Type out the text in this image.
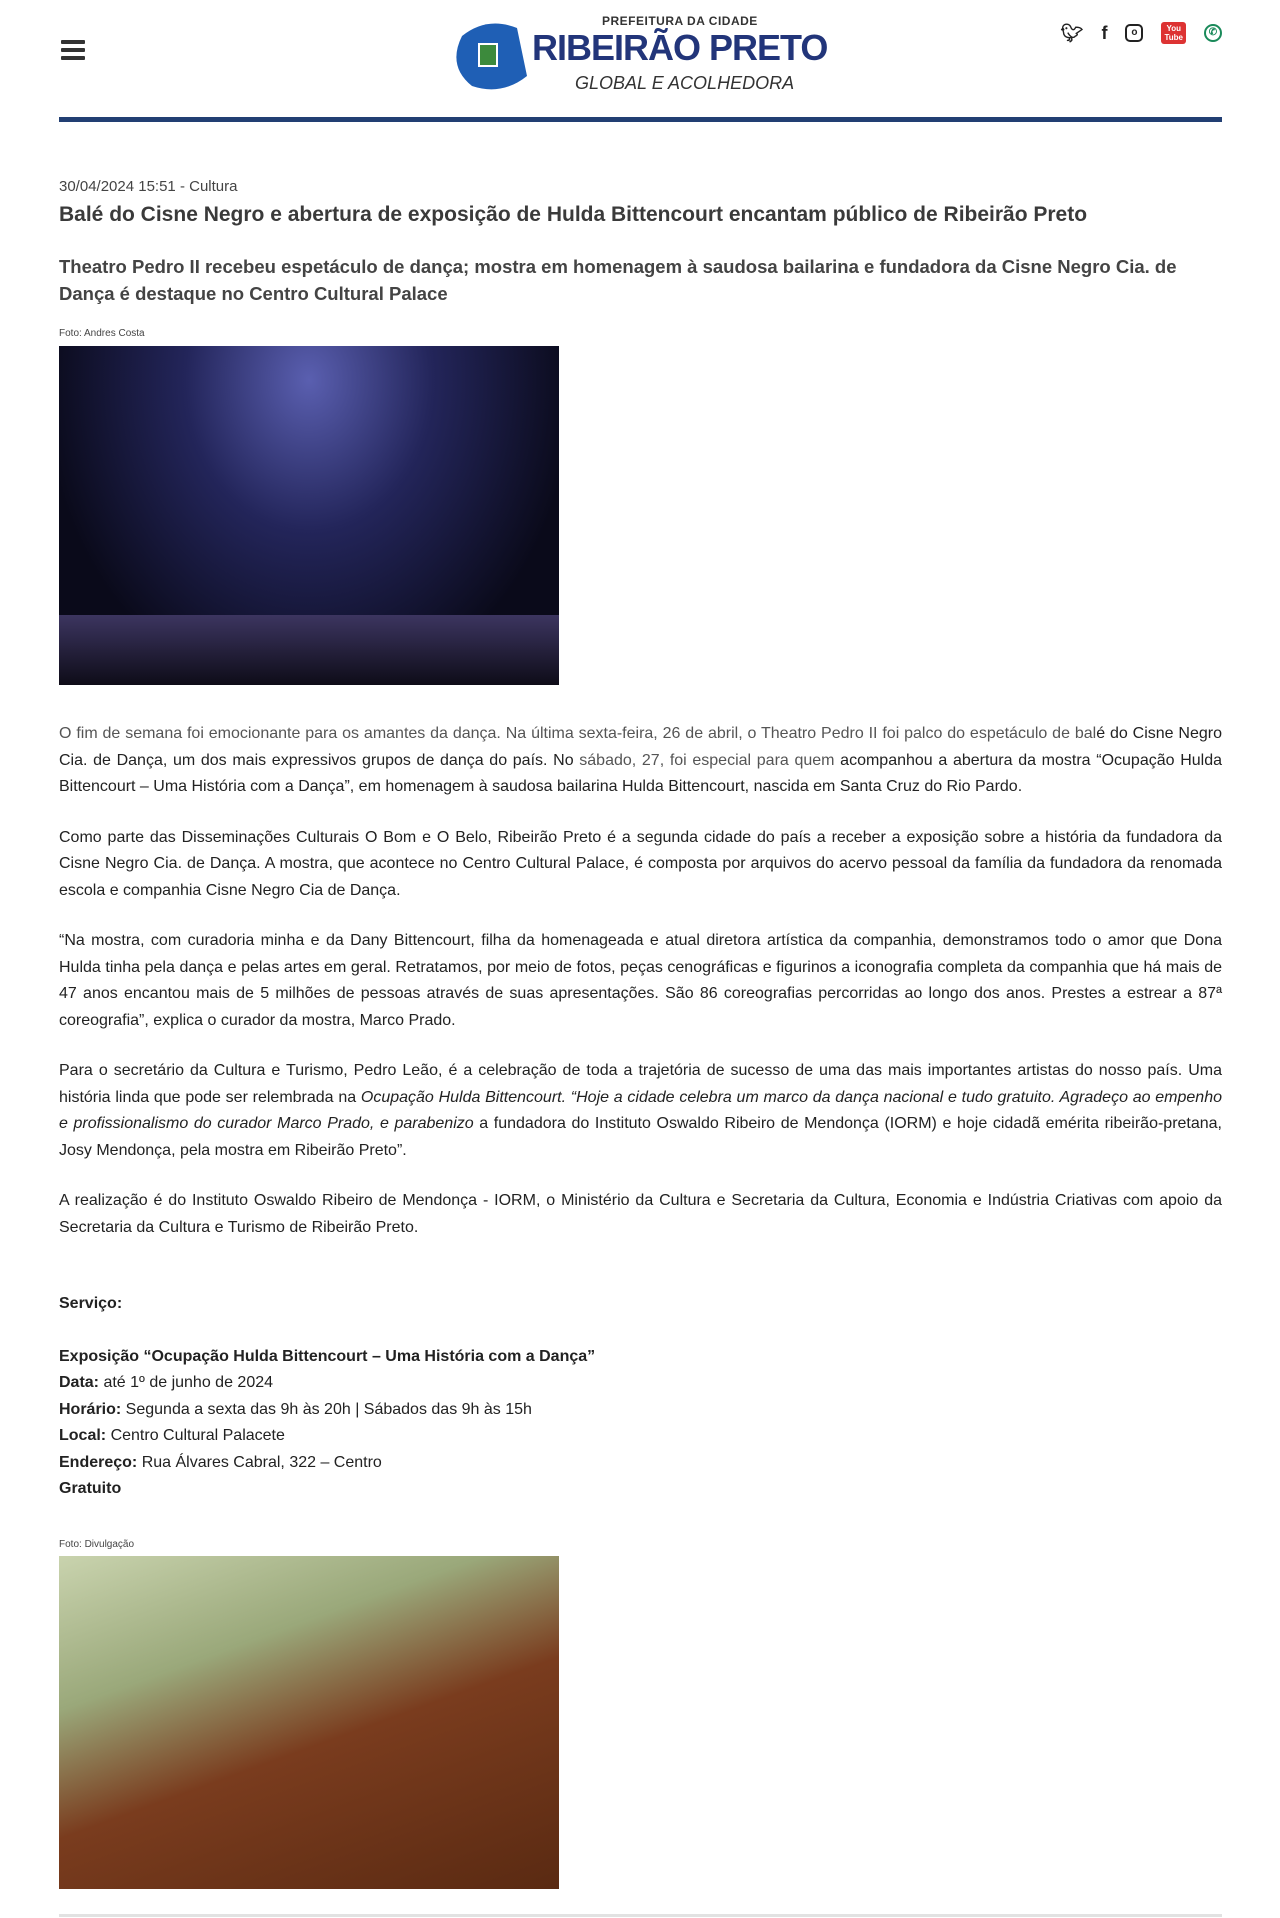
PREFEITURA DA CIDADE
RIBEIRÃO PRETO
GLOBAL E ACOLHEDORA
🐦︎ f	o	You
Tube	✆
30/04/2024 15:51 - Cultura
Balé do Cisne Negro e abertura de exposição de Hulda Bittencourt encantam público de Ribeirão Preto
Theatro Pedro II recebeu espetáculo de dança; mostra em homenagem à saudosa bailarina e fundadora da Cisne Negro Cia. de Dança é destaque no Centro Cultural Palace
Foto: Andres Costa

O fim de semana foi emocionante para os amantes da dança. Na última sexta-feira, 26 de abril, o Theatro Pedro II foi palco do espetáculo de balé do Cisne Negro Cia. de Dança, um dos mais expressivos grupos de dança do país. No sábado, 27, foi especial para quem acompanhou a abertura da mostra “Ocupação Hulda Bittencourt – Uma História com a Dança”, em homenagem à saudosa bailarina Hulda Bittencourt, nascida em Santa Cruz do Rio Pardo.

Como parte das Disseminações Culturais O Bom e O Belo, Ribeirão Preto é a segunda cidade do país a receber a exposição sobre a história da fundadora da Cisne Negro Cia. de Dança. A mostra, que acontece no Centro Cultural Palace, é composta por arquivos do acervo pessoal da família da fundadora da renomada escola e companhia Cisne Negro Cia de Dança.

“Na mostra, com curadoria minha e da Dany Bittencourt, filha da homenageada e atual diretora artística da companhia, demonstramos todo o amor que Dona Hulda tinha pela dança e pelas artes em geral. Retratamos, por meio de fotos, peças cenográficas e figurinos a iconografia completa da companhia que há mais de 47 anos encantou mais de 5 milhões de pessoas através de suas apresentações. São 86 coreografias percorridas ao longo dos anos. Prestes a estrear a 87ª coreografia”, explica o curador da mostra, Marco Prado.

Para o secretário da Cultura e Turismo, Pedro Leão, é a celebração de toda a trajetória de sucesso de uma das mais importantes artistas do nosso país. Uma história linda que pode ser relembrada na Ocupação Hulda Bittencourt. “Hoje a cidade celebra um marco da dança nacional e tudo gratuito. Agradeço ao empenho e profissionalismo do curador Marco Prado, e parabenizo a fundadora do Instituto Oswaldo Ribeiro de Mendonça (IORM) e hoje cidadã emérita ribeirão-pretana, Josy Mendonça, pela mostra em Ribeirão Preto”.

A realização é do Instituto Oswaldo Ribeiro de Mendonça - IORM, o Ministério da Cultura e Secretaria da Cultura, Economia e Indústria Criativas com apoio da Secretaria da Cultura e Turismo de Ribeirão Preto.

Serviço:
Exposição “Ocupação Hulda Bittencourt – Uma História com a Dança”
Data: até 1º de junho de 2024
Horário: Segunda a sexta das 9h às 20h | Sábados das 9h às 15h
Local: Centro Cultural Palacete
Endereço: Rua Álvares Cabral, 322 – Centro
Gratuito
Foto: Divulgação
